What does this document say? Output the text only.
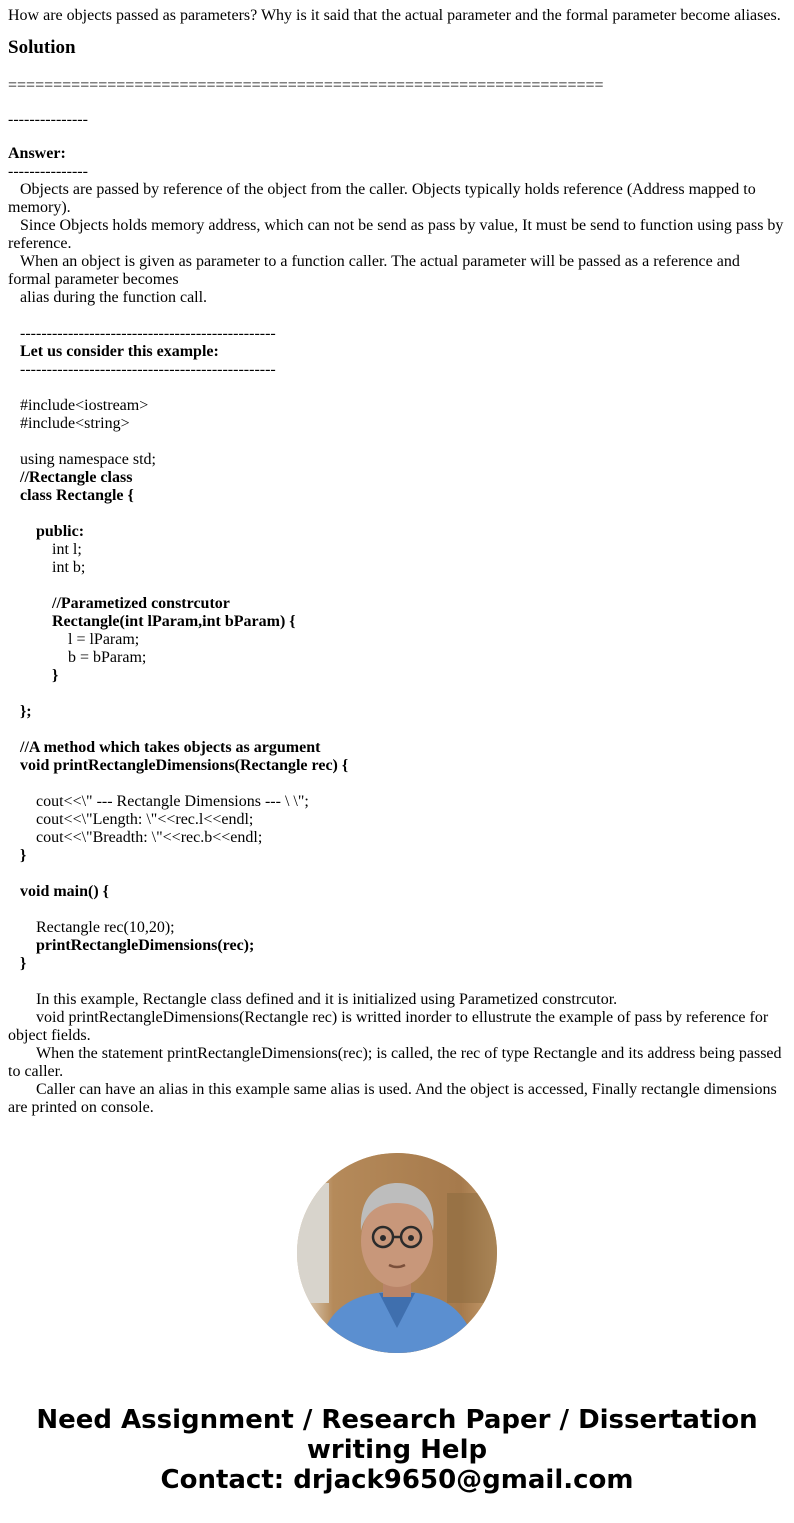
How are objects passed as parameters? Why is it said that the actual parameter and the formal parameter become aliases.
Solution
==================================================================
---------------
Answer:
---------------
Objects are passed by reference of the object from the caller. Objects typically holds reference (Address mapped to memory).
Since Objects holds memory address, which can not be send as pass by value, It must be send to function using pass by reference.
When an object is given as parameter to a function caller. The actual parameter will be passed as a reference and formal parameter becomes
alias during the function call.
------------------------------------------------
Let us consider this example:
------------------------------------------------
#include<iostream>
#include<string>
using namespace std;
//Rectangle class
class Rectangle {
public:
int l;
int b;
//Parametized constrcutor
Rectangle(int lParam,int bParam) {
l = lParam;
b = bParam;
}
};
//A method which takes objects as argument
void printRectangleDimensions(Rectangle rec) {
cout<<\" --- Rectangle Dimensions --- \ \";
cout<<\"Length: \"<<rec.l<<endl;
cout<<\"Breadth: \"<<rec.b<<endl;
}
void main() {
Rectangle rec(10,20);
printRectangleDimensions(rec);
}
In this example, Rectangle class defined and it is initialized using Parametized constrcutor.
void printRectangleDimensions(Rectangle rec) is writted inorder to ellustrute the example of pass by reference for object fields.
When the statement printRectangleDimensions(rec); is called, the rec of type Rectangle and its address being passed to caller.
Caller can have an alias in this example same alias is used. And the object is accessed, Finally rectangle dimensions are printed on console.
Need Assignment / Research Paper / Dissertation
writing Help
Contact: drjack9650@gmail.com
